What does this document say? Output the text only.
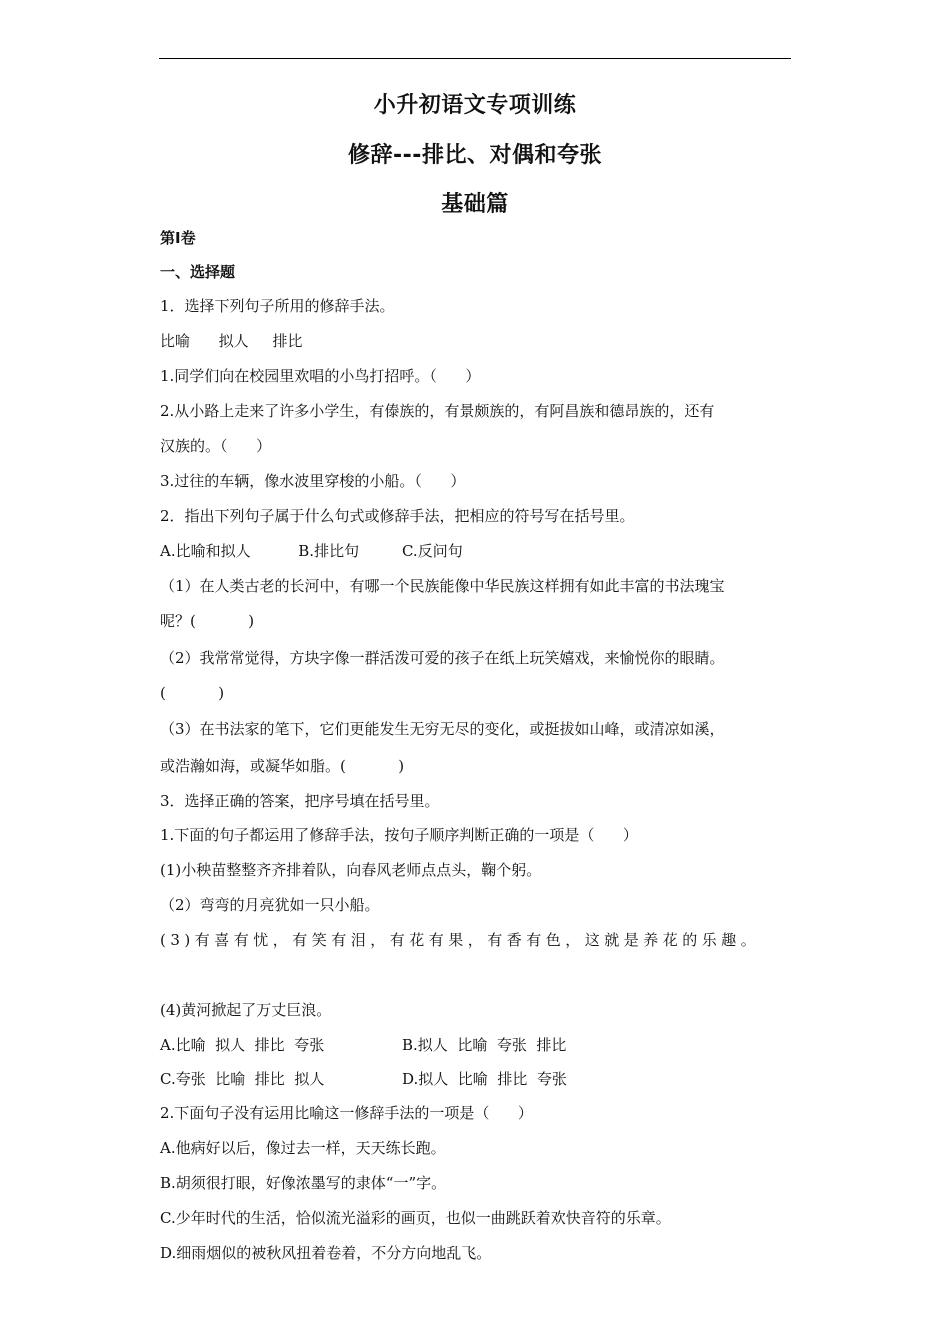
小升初语文专项训练
修辞---排比、对偶和夸张
基础篇
第Ⅰ卷
一、选择题
1．选择下列句子所用的修辞手法。
比喻      拟人     排比
1.同学们向在校园里欢唱的小鸟打招呼。（      ）
2.从小路上走来了许多小学生，有傣族的，有景颇族的，有阿昌族和德昂族的，还有
汉族的。（      ）
3.过往的车辆，像水波里穿梭的小船。（      ）
2．指出下列句子属于什么句式或修辞手法，把相应的符号写在括号里。
A.比喻和拟人          B.排比句         C.反问句
（1）在人类古老的长河中，有哪一个民族能像中华民族这样拥有如此丰富的书法瑰宝
呢？(           )
（2）我常常觉得，方块字像一群活泼可爱的孩子在纸上玩笑嬉戏，来愉悦你的眼睛。
(           )
（3）在书法家的笔下，它们更能发生无穷无尽的变化，或挺拔如山峰，或清凉如溪，
或浩瀚如海，或凝华如脂。(           )
3．选择正确的答案，把序号填在括号里。
1.下面的句子都运用了修辞手法，按句子顺序判断正确的一项是（      ）
(1)小秧苗整整齐齐排着队，向春风老师点点头，鞠个躬。
（2）弯弯的月亮犹如一只小船。
(3)有喜有忧，有笑有泪，有花有果，有香有色，这就是养花的乐趣。
(4)黄河掀起了万丈巨浪。
A.比喻  拟人  排比  夸张	B.拟人  比喻  夸张  排比
C.夸张  比喻  排比  拟人	D.拟人  比喻  排比  夸张
2.下面句子没有运用比喻这一修辞手法的一项是（      ）
A.他病好以后，像过去一样，天天练长跑。
B.胡须很打眼，好像浓墨写的隶体“一”字。
C.少年时代的生活，恰似流光溢彩的画页，也似一曲跳跃着欢快音符的乐章。
D.细雨烟似的被秋风扭着卷着，不分方向地乱飞。
